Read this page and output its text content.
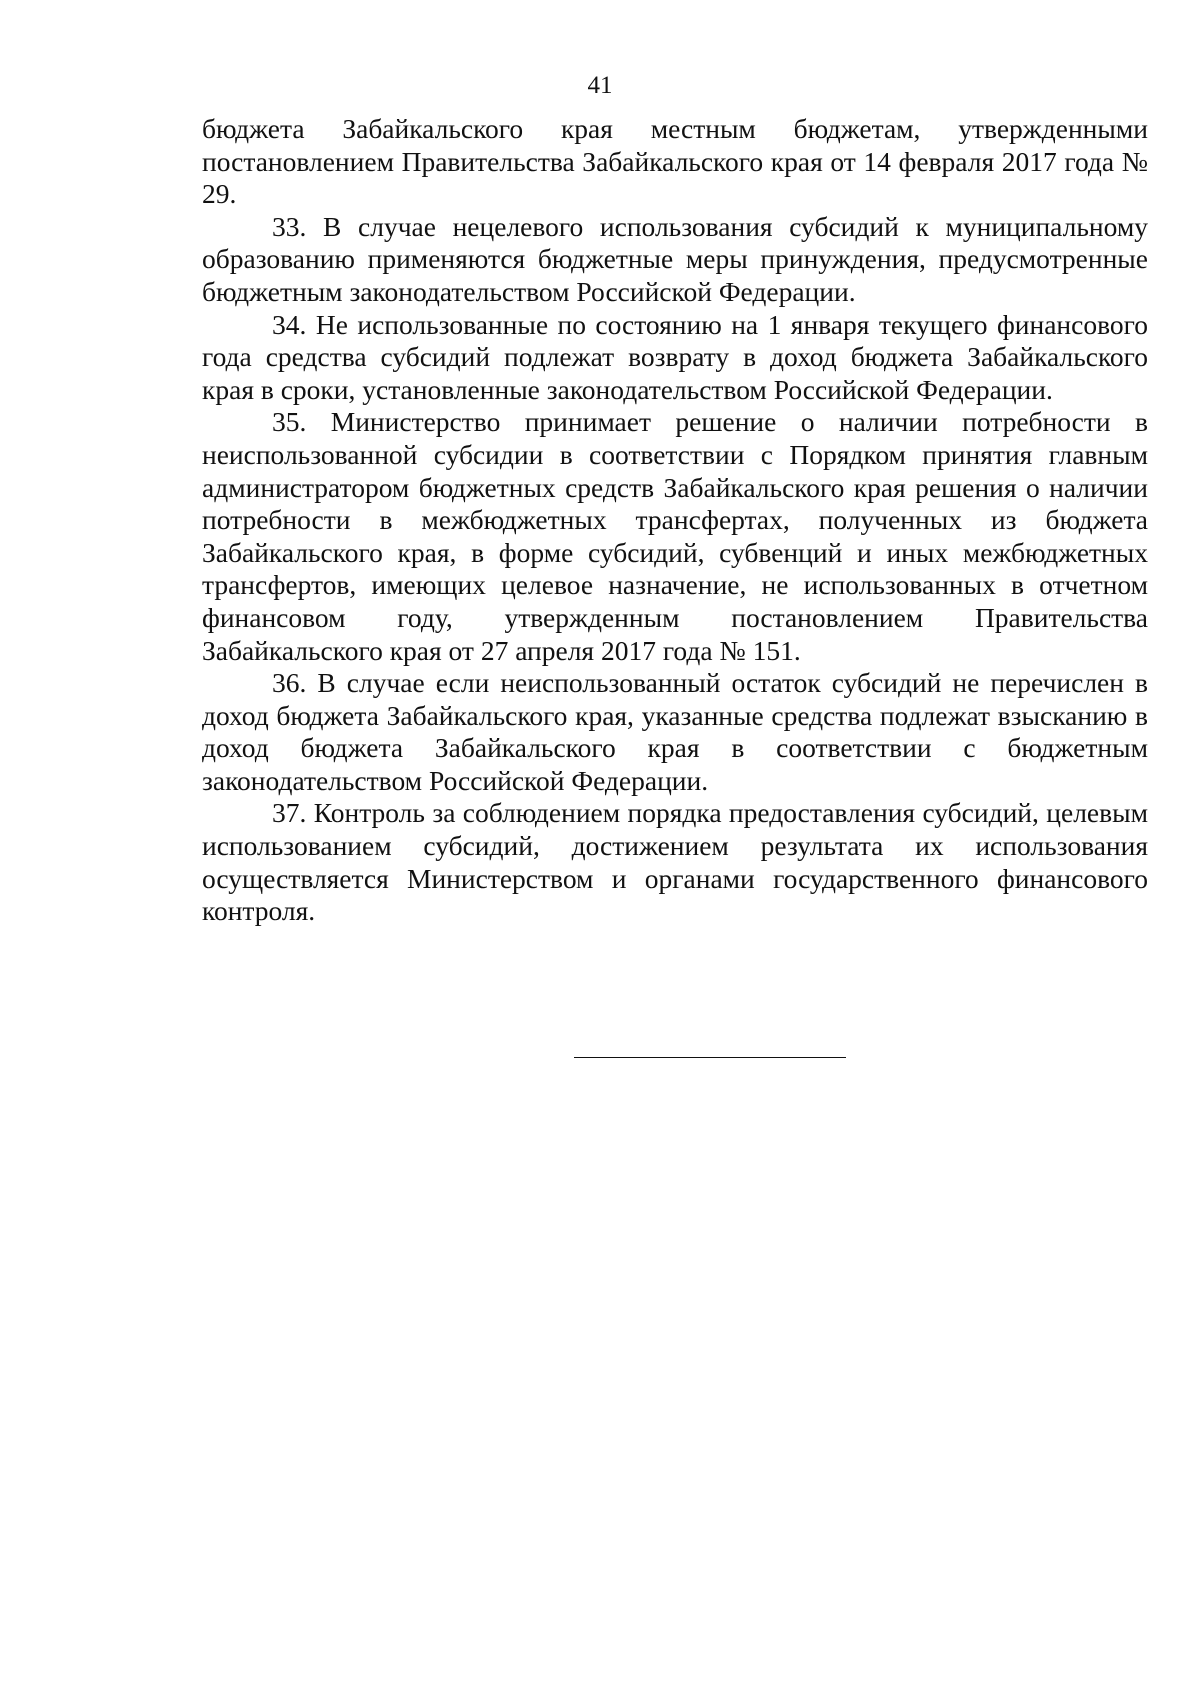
41

бюджета Забайкальского края местным бюджетам, утвержденными постановлением Правительства Забайкальского края от 14 февраля 2017 года № 29.

33. В случае нецелевого использования субсидий к муниципальному образованию применяются бюджетные меры принуждения, предусмотренные бюджетным законодательством Российской Федерации.

34. Не использованные по состоянию на 1 января текущего финансового года средства субсидий подлежат возврату в доход бюджета Забайкальского края в сроки, установленные законодательством Российской Федерации.

35. Министерство принимает решение о наличии потребности в неиспользованной субсидии в соответствии с Порядком принятия главным администратором бюджетных средств Забайкальского края решения о наличии потребности в межбюджетных трансфертах, полученных из бюджета Забайкальского края, в форме субсидий, субвенций и иных межбюджетных трансфертов, имеющих целевое назначение, не использованных в отчетном финансовом году, утвержденным постановлением Правительства Забайкальского края от 27 апреля 2017 года № 151.

36. В случае если неиспользованный остаток субсидий не перечислен в доход бюджета Забайкальского края, указанные средства подлежат взысканию в доход бюджета Забайкальского края в соответствии с бюджетным законодательством Российской Федерации.

37. Контроль за соблюдением порядка предоставления субсидий, целевым использованием субсидий, достижением результата их использования осуществляется Министерством и органами государственного финансового контроля.
